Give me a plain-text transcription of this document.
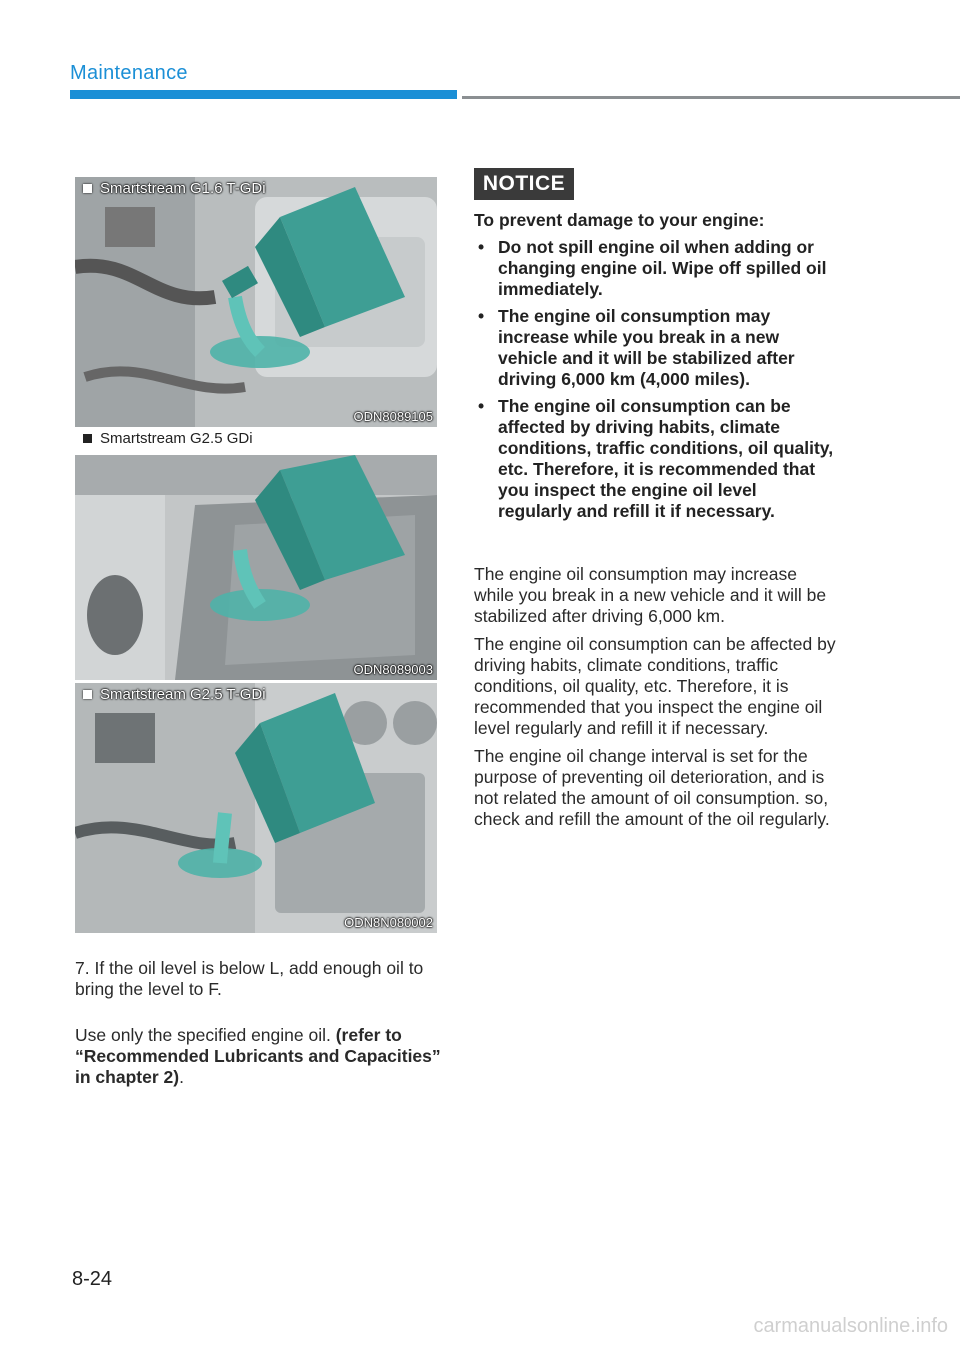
Maintenance
Smartstream G1.6 T-GDi
ODN8089105
Smartstream G2.5 GDi
ODN8089003
Smartstream G2.5 T-GDi
ODN8N080002
7. If the oil level is below L, add enough oil to bring the level to F.
Use only the specified engine oil. (refer to “Recommended Lubricants and Capacities” in chapter 2).
NOTICE

To prevent damage to your engine:

• Do not spill engine oil when adding or changing engine oil. Wipe off spilled oil immediately.
• The engine oil consumption may increase while you break in a new vehicle and it will be stabilized after driving 6,000 km (4,000 miles).
• The engine oil consumption can be affected by driving habits, climate conditions, traffic conditions, oil quality, etc. Therefore, it is recommended that you inspect the engine oil level regularly and refill it if necessary.

The engine oil consumption may increase while you break in a new vehicle and it will be stabilized after driving 6,000 km.

The engine oil consumption can be affected by driving habits, climate conditions, traffic conditions, oil quality, etc. Therefore, it is recommended that you inspect the engine oil level regularly and refill it if necessary.

The engine oil change interval is set for the purpose of preventing oil deterioration, and is not related the amount of oil consumption. so, check and refill the amount of the oil regularly.

8-24
carmanualsonline.info
